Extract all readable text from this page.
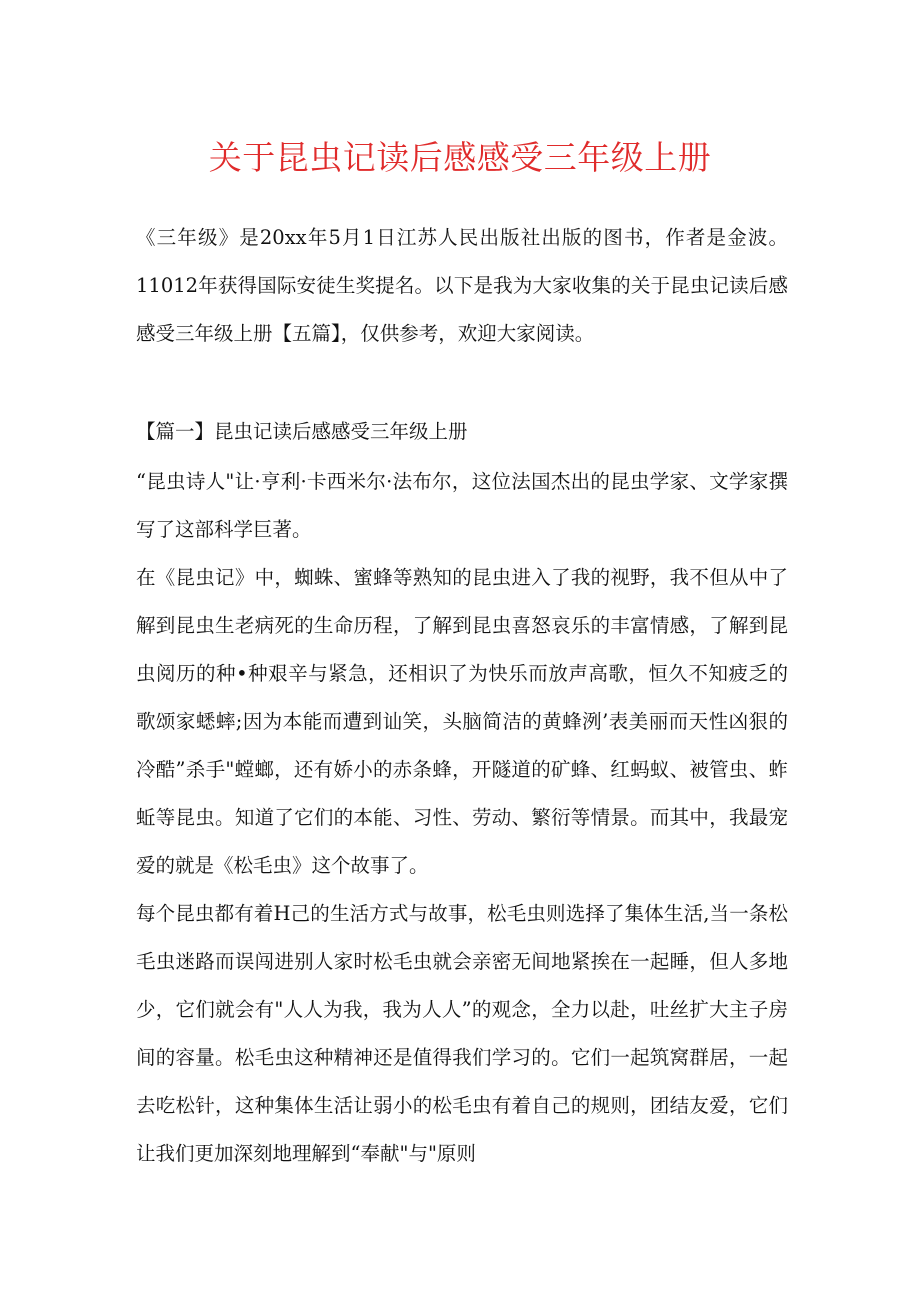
关于昆虫记读后感感受三年级上册

《三年级》是20xx年5月1日江苏人民出版社出版的图书，作者是金波。11012年获得国际安徒生奖提名。以下是我为大家收集的关于昆虫记读后感感受三年级上册【五篇】，仅供参考，欢迎大家阅读。

【篇一】昆虫记读后感感受三年级上册

“昆虫诗人"让·亨利·卡西米尔·法布尔，这位法国杰出的昆虫学家、文学家撰写了这部科学巨著。

在《昆虫记》中，蜘蛛、蜜蜂等熟知的昆虫进入了我的视野，我不但从中了解到昆虫生老病死的生命历程，了解到昆虫喜怒哀乐的丰富情感，了解到昆虫阅历的种•种艰辛与紧急，还相识了为快乐而放声高歌，恒久不知疲乏的歌颂家蟋蟀;因为本能而遭到讪笑，头脑简洁的黄蜂洌’表美丽而天性凶狠的冷酷”杀手"螳螂，还有娇小的赤条蜂，开隧道的矿蜂、红蚂蚁、被管虫、蚱蚯等昆虫。知道了它们的本能、习性、劳动、繁衍等情景。而其中，我最宠爱的就是《松毛虫》这个故事了。

每个昆虫都有着H己的生活方式与故事，松毛虫则选择了集体生活,当一条松毛虫迷路而误闯进别人家时松毛虫就会亲密无间地紧挨在一起睡，但人多地少，它们就会有"人人为我，我为人人”的观念，全力以赴，吐丝扩大主子房间的容量。松毛虫这种精神还是值得我们学习的。它们一起筑窝群居，一起去吃松针，这种集体生活让弱小的松毛虫有着自己的规则，团结友爱，它们让我们更加深刻地理解到“奉献"与"原则
